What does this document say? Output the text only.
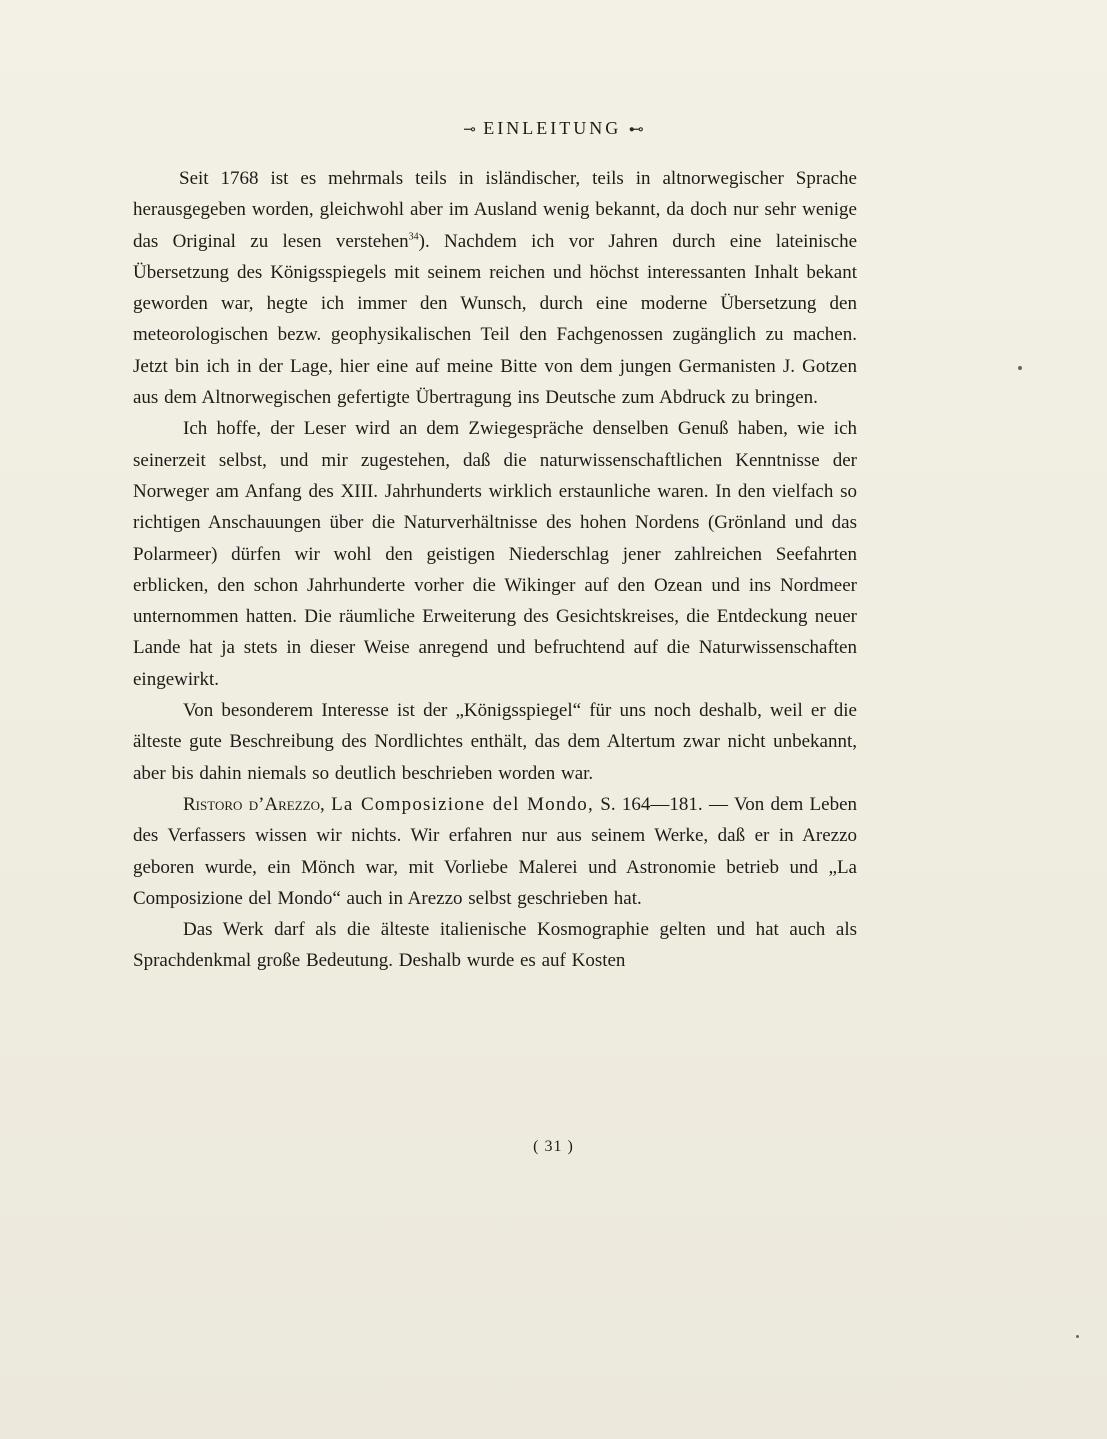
⊸ EINLEITUNG ⊷

Seit 1768 ist es mehrmals teils in isländischer, teils in altnorwegischer Sprache herausgegeben worden, gleichwohl aber im Ausland wenig bekannt, da doch nur sehr wenige das Original zu lesen verstehen$^{34}$). Nachdem ich vor Jahren durch eine lateinische Übersetzung des Königsspiegels mit seinem reichen und höchst interessanten Inhalt bekant geworden war, hegte ich immer den Wunsch, durch eine moderne Übersetzung den meteorologischen bezw. geophysikalischen Teil den Fachgenossen zugänglich zu machen. Jetzt bin ich in der Lage, hier eine auf meine Bitte von dem jungen Germanisten J. Gotzen aus dem Altnorwegischen gefertigte Übertragung ins Deutsche zum Abdruck zu bringen.

Ich hoffe, der Leser wird an dem Zwiegespräche denselben Genuß haben, wie ich seinerzeit selbst, und mir zugestehen, daß die naturwissenschaftlichen Kenntnisse der Norweger am Anfang des XIII. Jahrhunderts wirklich erstaunliche waren. In den vielfach so richtigen Anschauungen über die Naturverhältnisse des hohen Nordens (Grönland und das Polarmeer) dürfen wir wohl den geistigen Niederschlag jener zahlreichen Seefahrten erblicken, den schon Jahrhunderte vorher die Wikinger auf den Ozean und ins Nordmeer unternommen hatten. Die räumliche Erweiterung des Gesichtskreises, die Entdeckung neuer Lande hat ja stets in dieser Weise anregend und befruchtend auf die Naturwissenschaften eingewirkt.

Von besonderem Interesse ist der „Königsspiegel“ für uns noch deshalb, weil er die älteste gute Beschreibung des Nordlichtes enthält, das dem Altertum zwar nicht unbekannt, aber bis dahin niemals so deutlich beschrieben worden war.

Ristoro d’Arezzo, La Composizione del Mondo, S. 164—181. — Von dem Leben des Verfassers wissen wir nichts. Wir erfahren nur aus seinem Werke, daß er in Arezzo geboren wurde, ein Mönch war, mit Vorliebe Malerei und Astronomie betrieb und „La Composizione del Mondo“ auch in Arezzo selbst geschrieben hat.

Das Werk darf als die älteste italienische Kosmographie gelten und hat auch als Sprachdenkmal große Bedeutung. Deshalb wurde es auf Kosten

( 31 )
